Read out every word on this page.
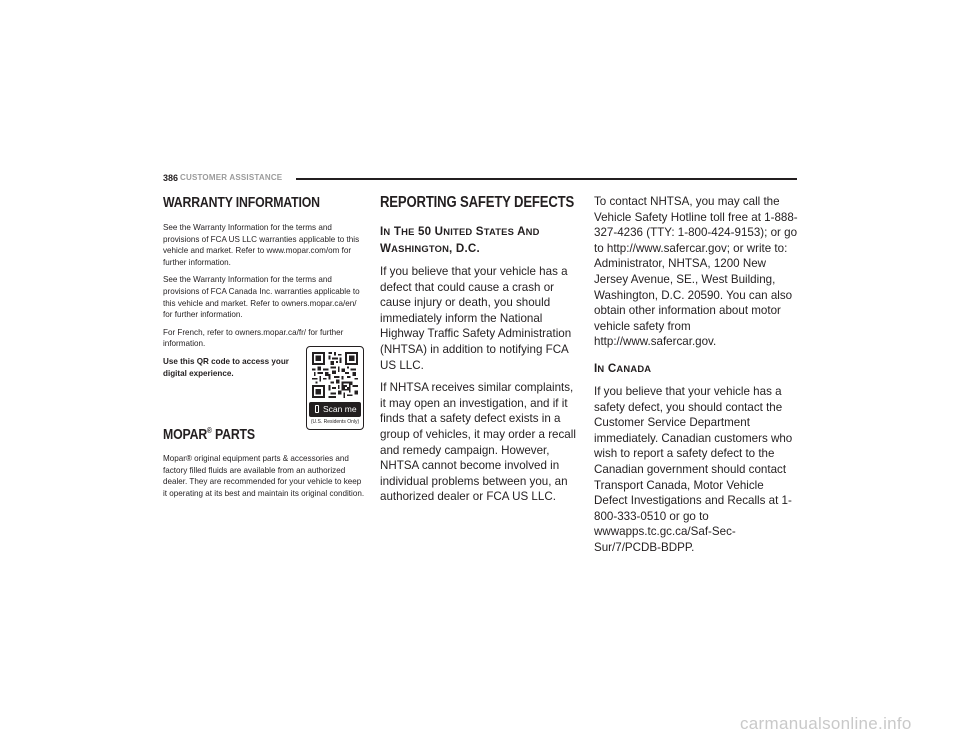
386 CUSTOMER ASSISTANCE
WARRANTY INFORMATION

See the Warranty Information for the terms and provisions of FCA US LLC warranties applicable to this vehicle and market. Refer to www.mopar.com/om for further information.

See the Warranty Information for the terms and provisions of FCA Canada Inc. warranties applicable to this vehicle and market. Refer to owners.mopar.ca/en/ for further information.

For French, refer to owners.mopar.ca/fr/ for further information.

Use this QR code to access your digital experience.

MOPAR® PARTS

Mopar® original equipment parts & accessories and factory filled fluids are available from an authorized dealer. They are recommended for your vehicle to keep it operating at its best and maintain its original condition.

Scan me
(U.S. Residents Only)
REPORTING SAFETY DEFECTS
IN THE 50 UNITED STATES AND
WASHINGTON, D.C.

If you believe that your vehicle has a defect that could cause a crash or cause injury or death, you should immediately inform the National Highway Traffic Safety Administration (NHTSA) in addition to notifying FCA US LLC.

If NHTSA receives similar complaints, it may open an investigation, and if it finds that a safety defect exists in a group of vehicles, it may order a recall and remedy campaign. However, NHTSA cannot become involved in individual problems between you, an authorized dealer or FCA US LLC.

To contact NHTSA, you may call the Vehicle Safety Hotline toll free at 1-888-327-4236 (TTY: 1-800-424-9153); or go to http://www.safercar.gov; or write to: Administrator, NHTSA, 1200 New Jersey Avenue, SE., West Building, Washington, D.C. 20590. You can also obtain other information about motor vehicle safety from http://www.safercar.gov.

IN CANADA

If you believe that your vehicle has a safety defect, you should contact the Customer Service Department immediately. Canadian customers who wish to report a safety defect to the Canadian government should contact Transport Canada, Motor Vehicle Defect Investigations and Recalls at 1-800-333-0510 or go to wwwapps.tc.gc.ca/Saf-Sec-Sur/7/PCDB-BDPP.

carmanualsonline.info
